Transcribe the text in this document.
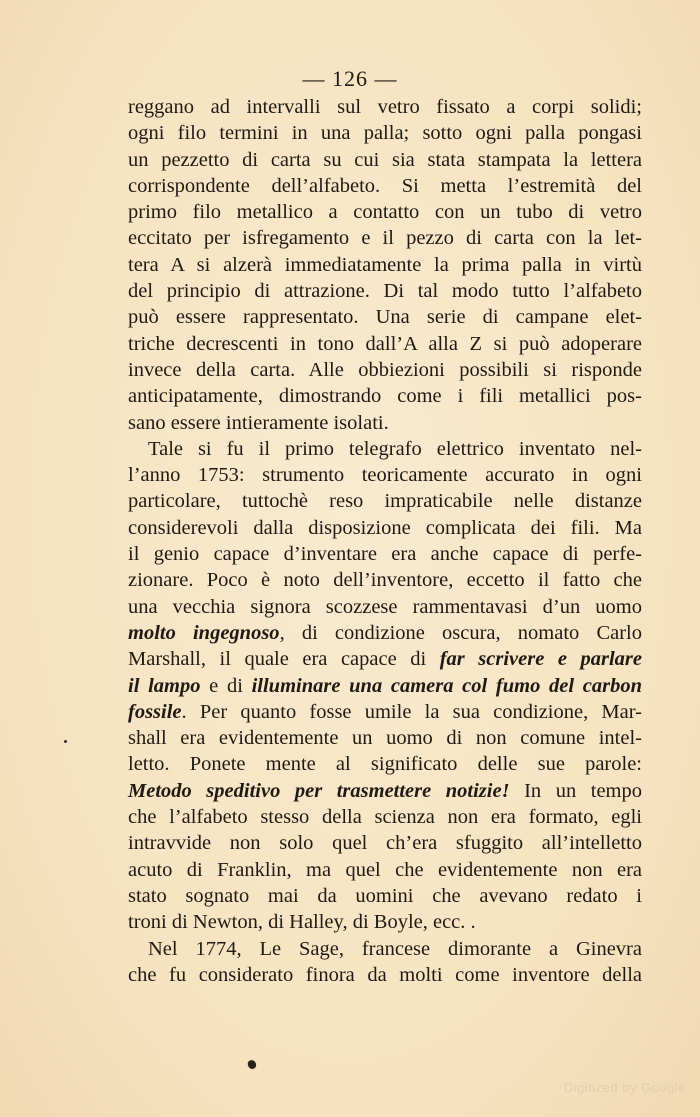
— 126 —
reggano ad intervalli sul vetro fissato a corpi solidi;
ogni filo termini in una palla; sotto ogni palla pongasi
un pezzetto di carta su cui sia stata stampata la lettera
corrispondente dell’alfabeto. Si metta l’estremità del
primo filo metallico a contatto con un tubo di vetro
eccitato per isfregamento e il pezzo di carta con la let-
tera A si alzerà immediatamente la prima palla in virtù
del principio di attrazione. Di tal modo tutto l’alfabeto
può essere rappresentato. Una serie di campane elet-
triche decrescenti in tono dall’A alla Z si può adoperare
invece della carta. Alle obbiezioni possibili si risponde
anticipatamente, dimostrando come i fili metallici pos-
sano essere intieramente isolati.
Tale si fu il primo telegrafo elettrico inventato nel-
l’anno 1753: strumento teoricamente accurato in ogni
particolare, tuttochè reso impraticabile nelle distanze
considerevoli dalla disposizione complicata dei fili. Ma
il genio capace d’inventare era anche capace di perfe-
zionare. Poco è noto dell’inventore, eccetto il fatto che
una vecchia signora scozzese rammentavasi d’un uomo
molto ingegnoso, di condizione oscura, nomato Carlo
Marshall, il quale era capace di far scrivere e parlare
il lampo e di illuminare una camera col fumo del carbon
fossile. Per quanto fosse umile la sua condizione, Mar-
shall era evidentemente un uomo di non comune intel-
letto. Ponete mente al significato delle sue parole:
Metodo speditivo per trasmettere notizie! In un tempo
che l’alfabeto stesso della scienza non era formato, egli
intravvide non solo quel ch’era sfuggito all’intelletto
acuto di Franklin, ma quel che evidentemente non era
stato sognato mai da uomini che avevano redato i
troni di Newton, di Halley, di Boyle, ecc. .
Nel 1774, Le Sage, francese dimorante a Ginevra
che fu considerato finora da molti come inventore della
Digitized by Google
